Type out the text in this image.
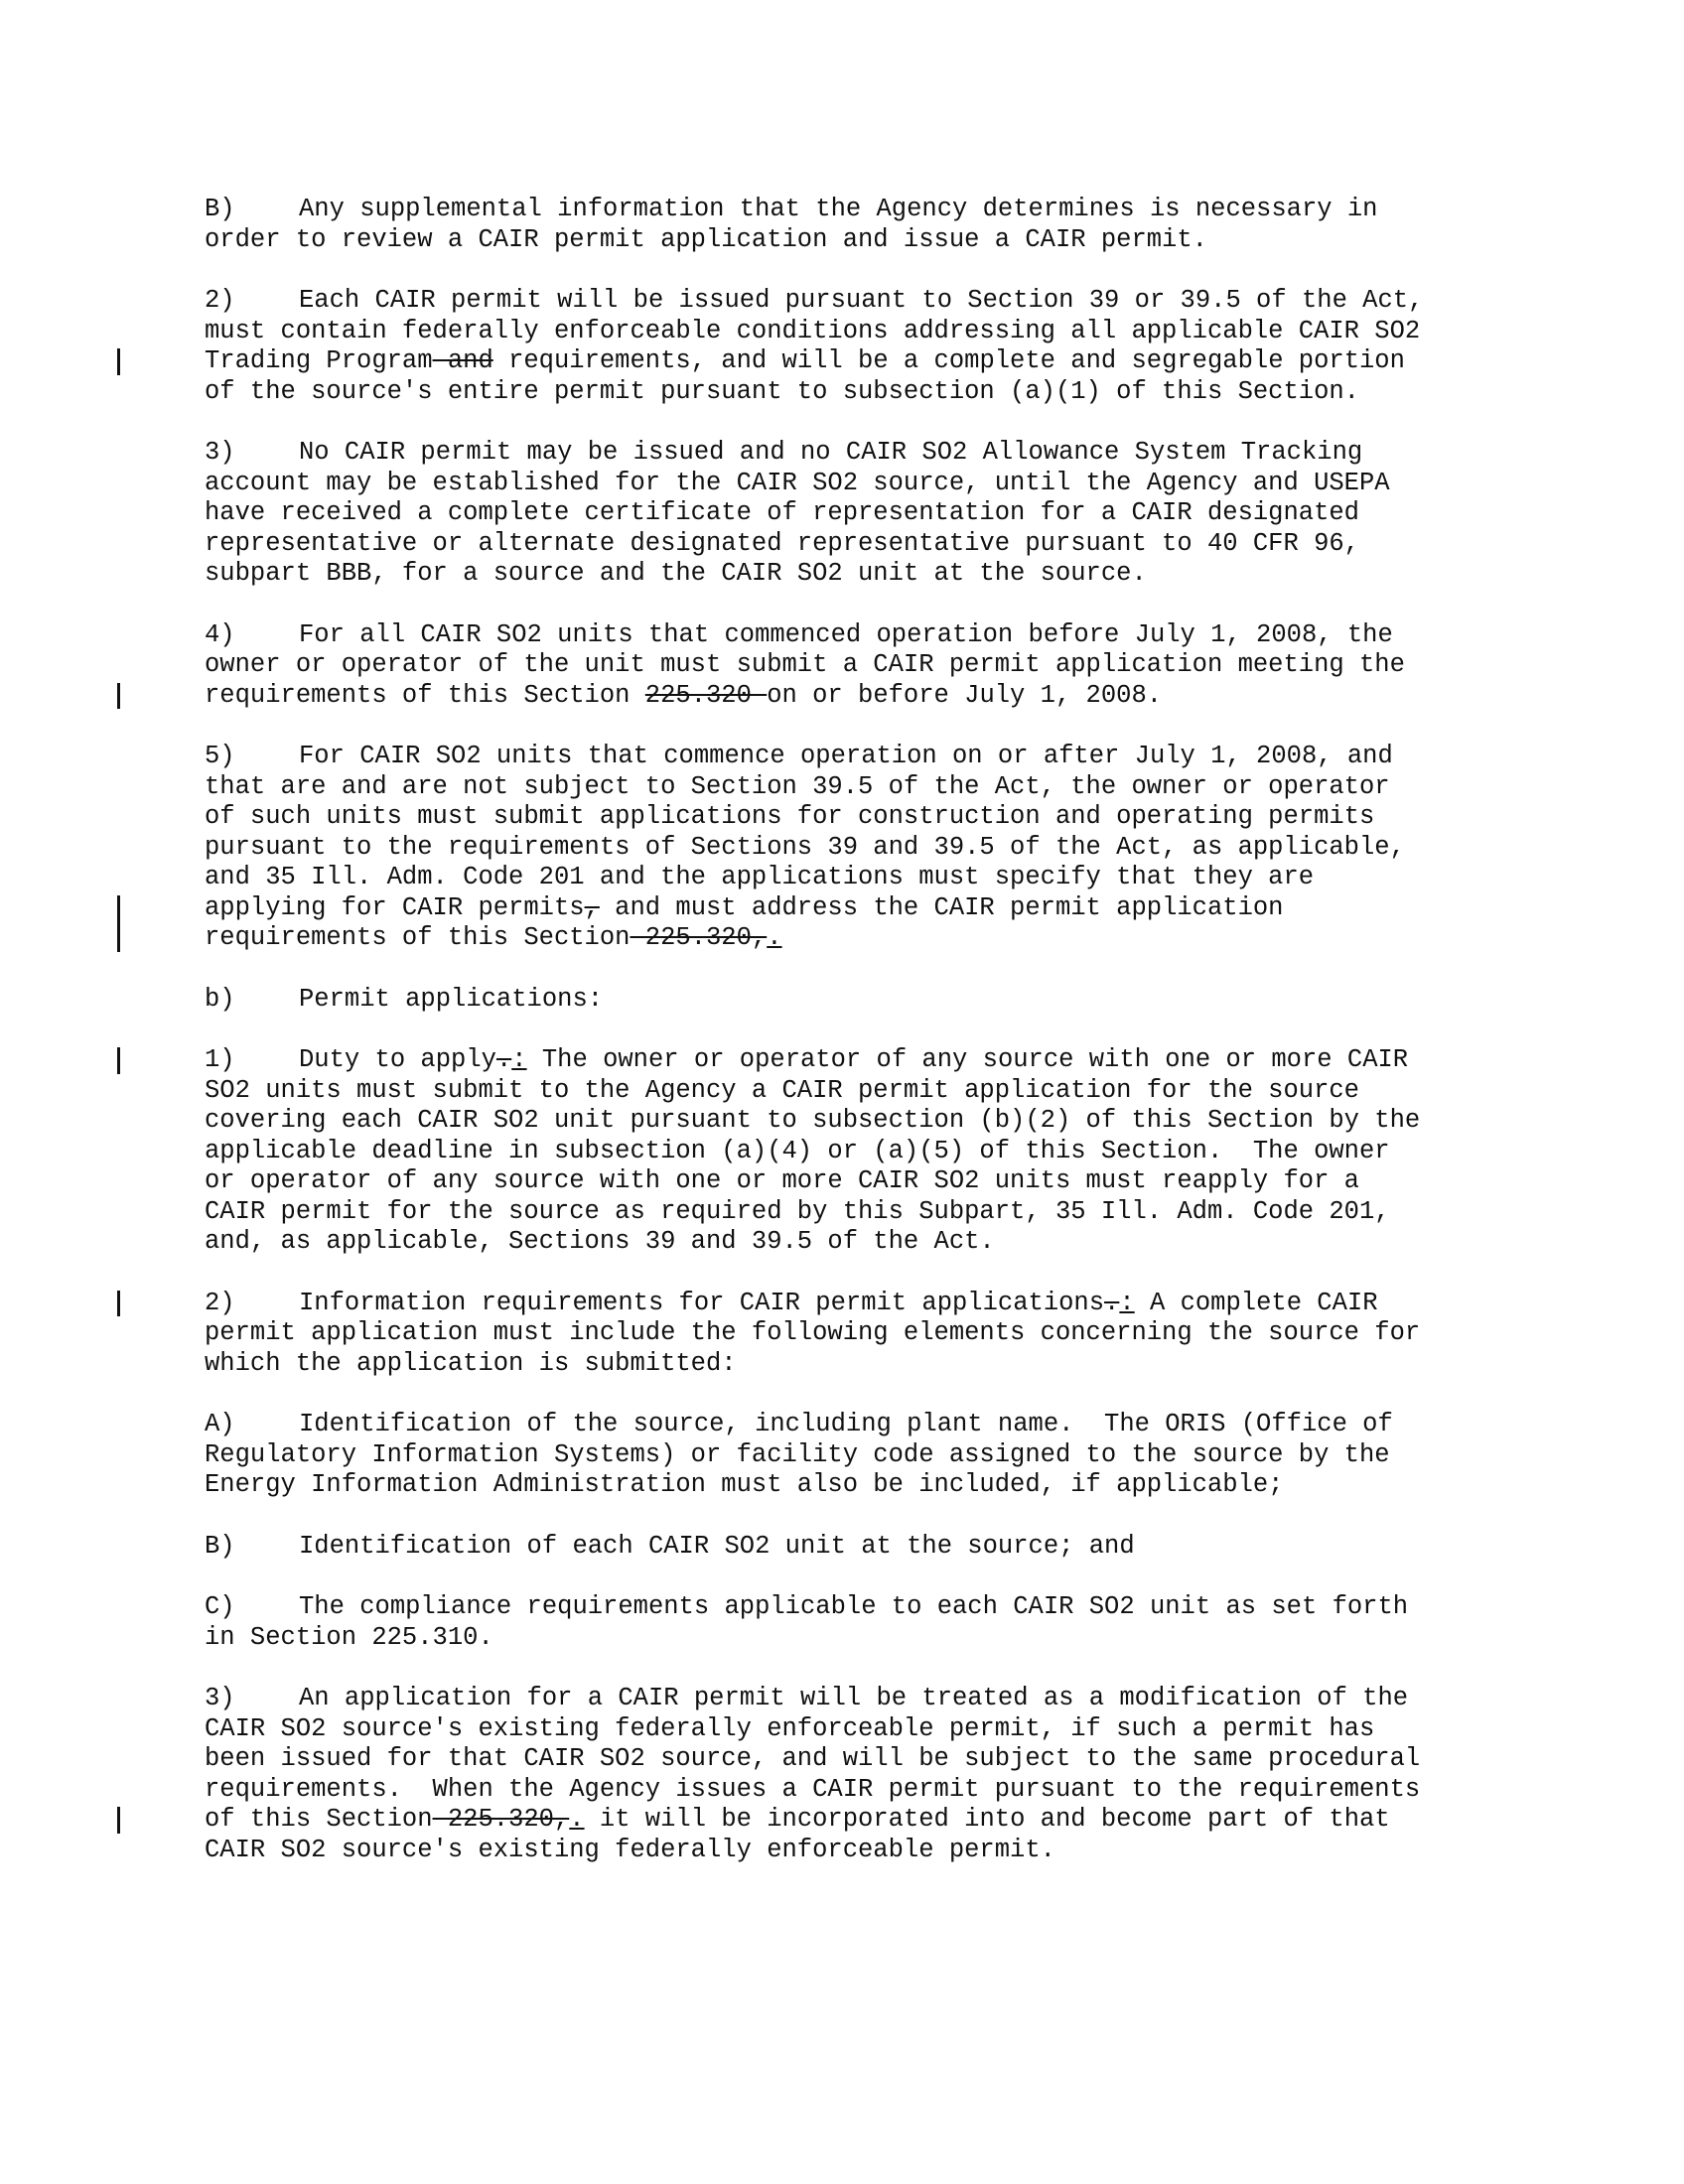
B)	Any supplemental information that the Agency determines is necessary in
order to review a CAIR permit application and issue a CAIR permit.
2)	Each CAIR permit will be issued pursuant to Section 39 or 39.5 of the Act,
must contain federally enforceable conditions addressing all applicable CAIR SO2
Trading Program and requirements, and will be a complete and segregable portion
of the source's entire permit pursuant to subsection (a)(1) of this Section.
3)	No CAIR permit may be issued and no CAIR SO2 Allowance System Tracking
account may be established for the CAIR SO2 source, until the Agency and USEPA
have received a complete certificate of representation for a CAIR designated
representative or alternate designated representative pursuant to 40 CFR 96,
subpart BBB, for a source and the CAIR SO2 unit at the source.
4)	For all CAIR SO2 units that commenced operation before July 1, 2008, the
owner or operator of the unit must submit a CAIR permit application meeting the
requirements of this Section 225.320 on or before July 1, 2008.
5)	For CAIR SO2 units that commence operation on or after July 1, 2008, and
that are and are not subject to Section 39.5 of the Act, the owner or operator
of such units must submit applications for construction and operating permits
pursuant to the requirements of Sections 39 and 39.5 of the Act, as applicable,
and 35 Ill. Adm. Code 201 and the applications must specify that they are
applying for CAIR permits, and must address the CAIR permit application
requirements of this Section 225.320,.
b)	Permit applications:
1)	Duty to apply.: The owner or operator of any source with one or more CAIR
SO2 units must submit to the Agency a CAIR permit application for the source
covering each CAIR SO2 unit pursuant to subsection (b)(2) of this Section by the
applicable deadline in subsection (a)(4) or (a)(5) of this Section.  The owner
or operator of any source with one or more CAIR SO2 units must reapply for a
CAIR permit for the source as required by this Subpart, 35 Ill. Adm. Code 201,
and, as applicable, Sections 39 and 39.5 of the Act.
2)	Information requirements for CAIR permit applications.: A complete CAIR
permit application must include the following elements concerning the source for
which the application is submitted:
A)	Identification of the source, including plant name.  The ORIS (Office of
Regulatory Information Systems) or facility code assigned to the source by the
Energy Information Administration must also be included, if applicable;
B)	Identification of each CAIR SO2 unit at the source; and
C)	The compliance requirements applicable to each CAIR SO2 unit as set forth
in Section 225.310.
3)	An application for a CAIR permit will be treated as a modification of the
CAIR SO2 source's existing federally enforceable permit, if such a permit has
been issued for that CAIR SO2 source, and will be subject to the same procedural
requirements.  When the Agency issues a CAIR permit pursuant to the requirements
of this Section 225.320,. it will be incorporated into and become part of that
CAIR SO2 source's existing federally enforceable permit.
